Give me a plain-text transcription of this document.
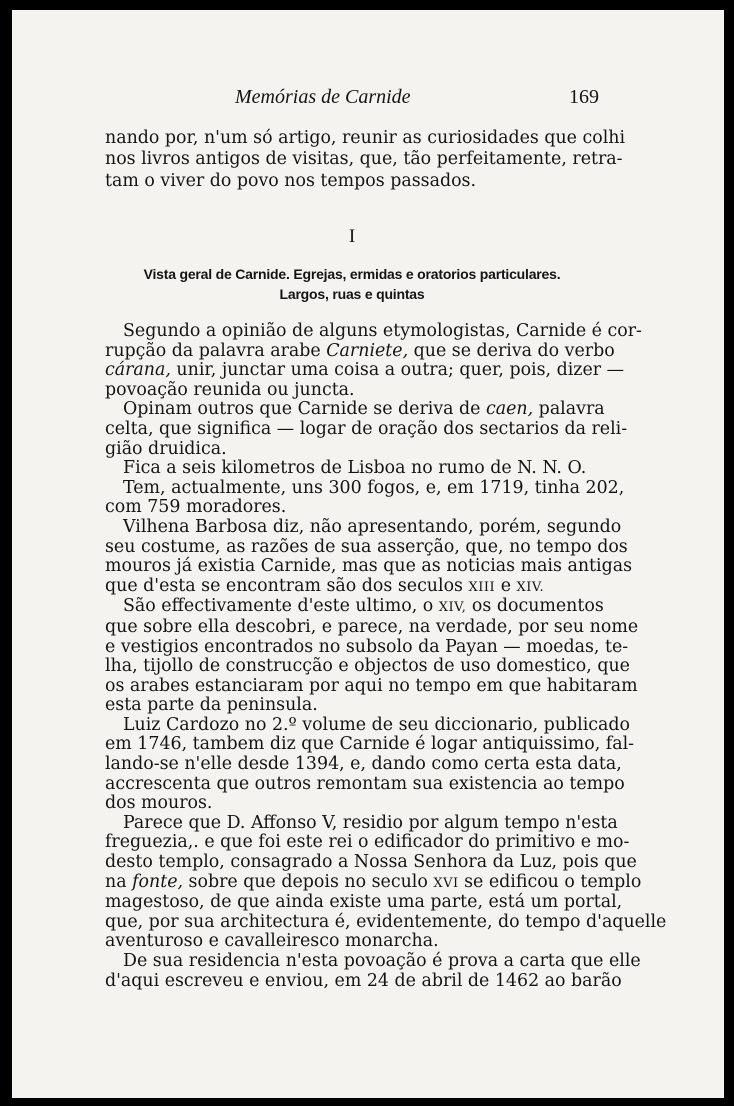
Memórias de Carnide	169
nando por, n'um só artigo, reunir as curiosidades que colhi
nos livros antigos de visitas, que, tão perfeitamente, retra-
tam o viver do povo nos tempos passados.
I
Vista geral de Carnide. Egrejas, ermidas e oratorios particulares.
Largos, ruas e quintas
Segundo a opinião de alguns etymologistas, Carnide é cor-
rupção da palavra arabe Carniete, que se deriva do verbo
cárana, unir, junctar uma coisa a outra; quer, pois, dizer —
povoação reunida ou juncta.
Opinam outros que Carnide se deriva de caen, palavra
celta, que significa — logar de oração dos sectarios da reli-
gião druidica.
Fica a seis kilometros de Lisboa no rumo de N. N. O.
Tem, actualmente, uns 300 fogos, e, em 1719, tinha 202,
com 759 moradores.
Vilhena Barbosa diz, não apresentando, porém, segundo
seu costume, as razões de sua asserção, que, no tempo dos
mouros já existia Carnide, mas que as noticias mais antigas
que d'esta se encontram são dos seculos XIII e XIV.
São effectivamente d'este ultimo, o XIV, os documentos
que sobre ella descobri, e parece, na verdade, por seu nome
e vestigios encontrados no subsolo da Payan — moedas, te-
lha, tijollo de construcção e objectos de uso domestico, que
os arabes estanciaram por aqui no tempo em que habitaram
esta parte da peninsula.
Luiz Cardozo no 2.º volume de seu diccionario, publicado
em 1746, tambem diz que Carnide é logar antiquissimo, fal-
lando-se n'elle desde 1394, e, dando como certa esta data,
accrescenta que outros remontam sua existencia ao tempo
dos mouros.
Parece que D. Affonso V, residio por algum tempo n'esta
freguezia,. e que foi este rei o edificador do primitivo e mo-
desto templo, consagrado a Nossa Senhora da Luz, pois que
na fonte, sobre que depois no seculo XVI se edificou o templo
magestoso, de que ainda existe uma parte, está um portal,
que, por sua architectura é, evidentemente, do tempo d'aquelle
aventuroso e cavalleiresco monarcha.
De sua residencia n'esta povoação é prova a carta que elle
d'aqui escreveu e enviou, em 24 de abril de 1462 ao barão
